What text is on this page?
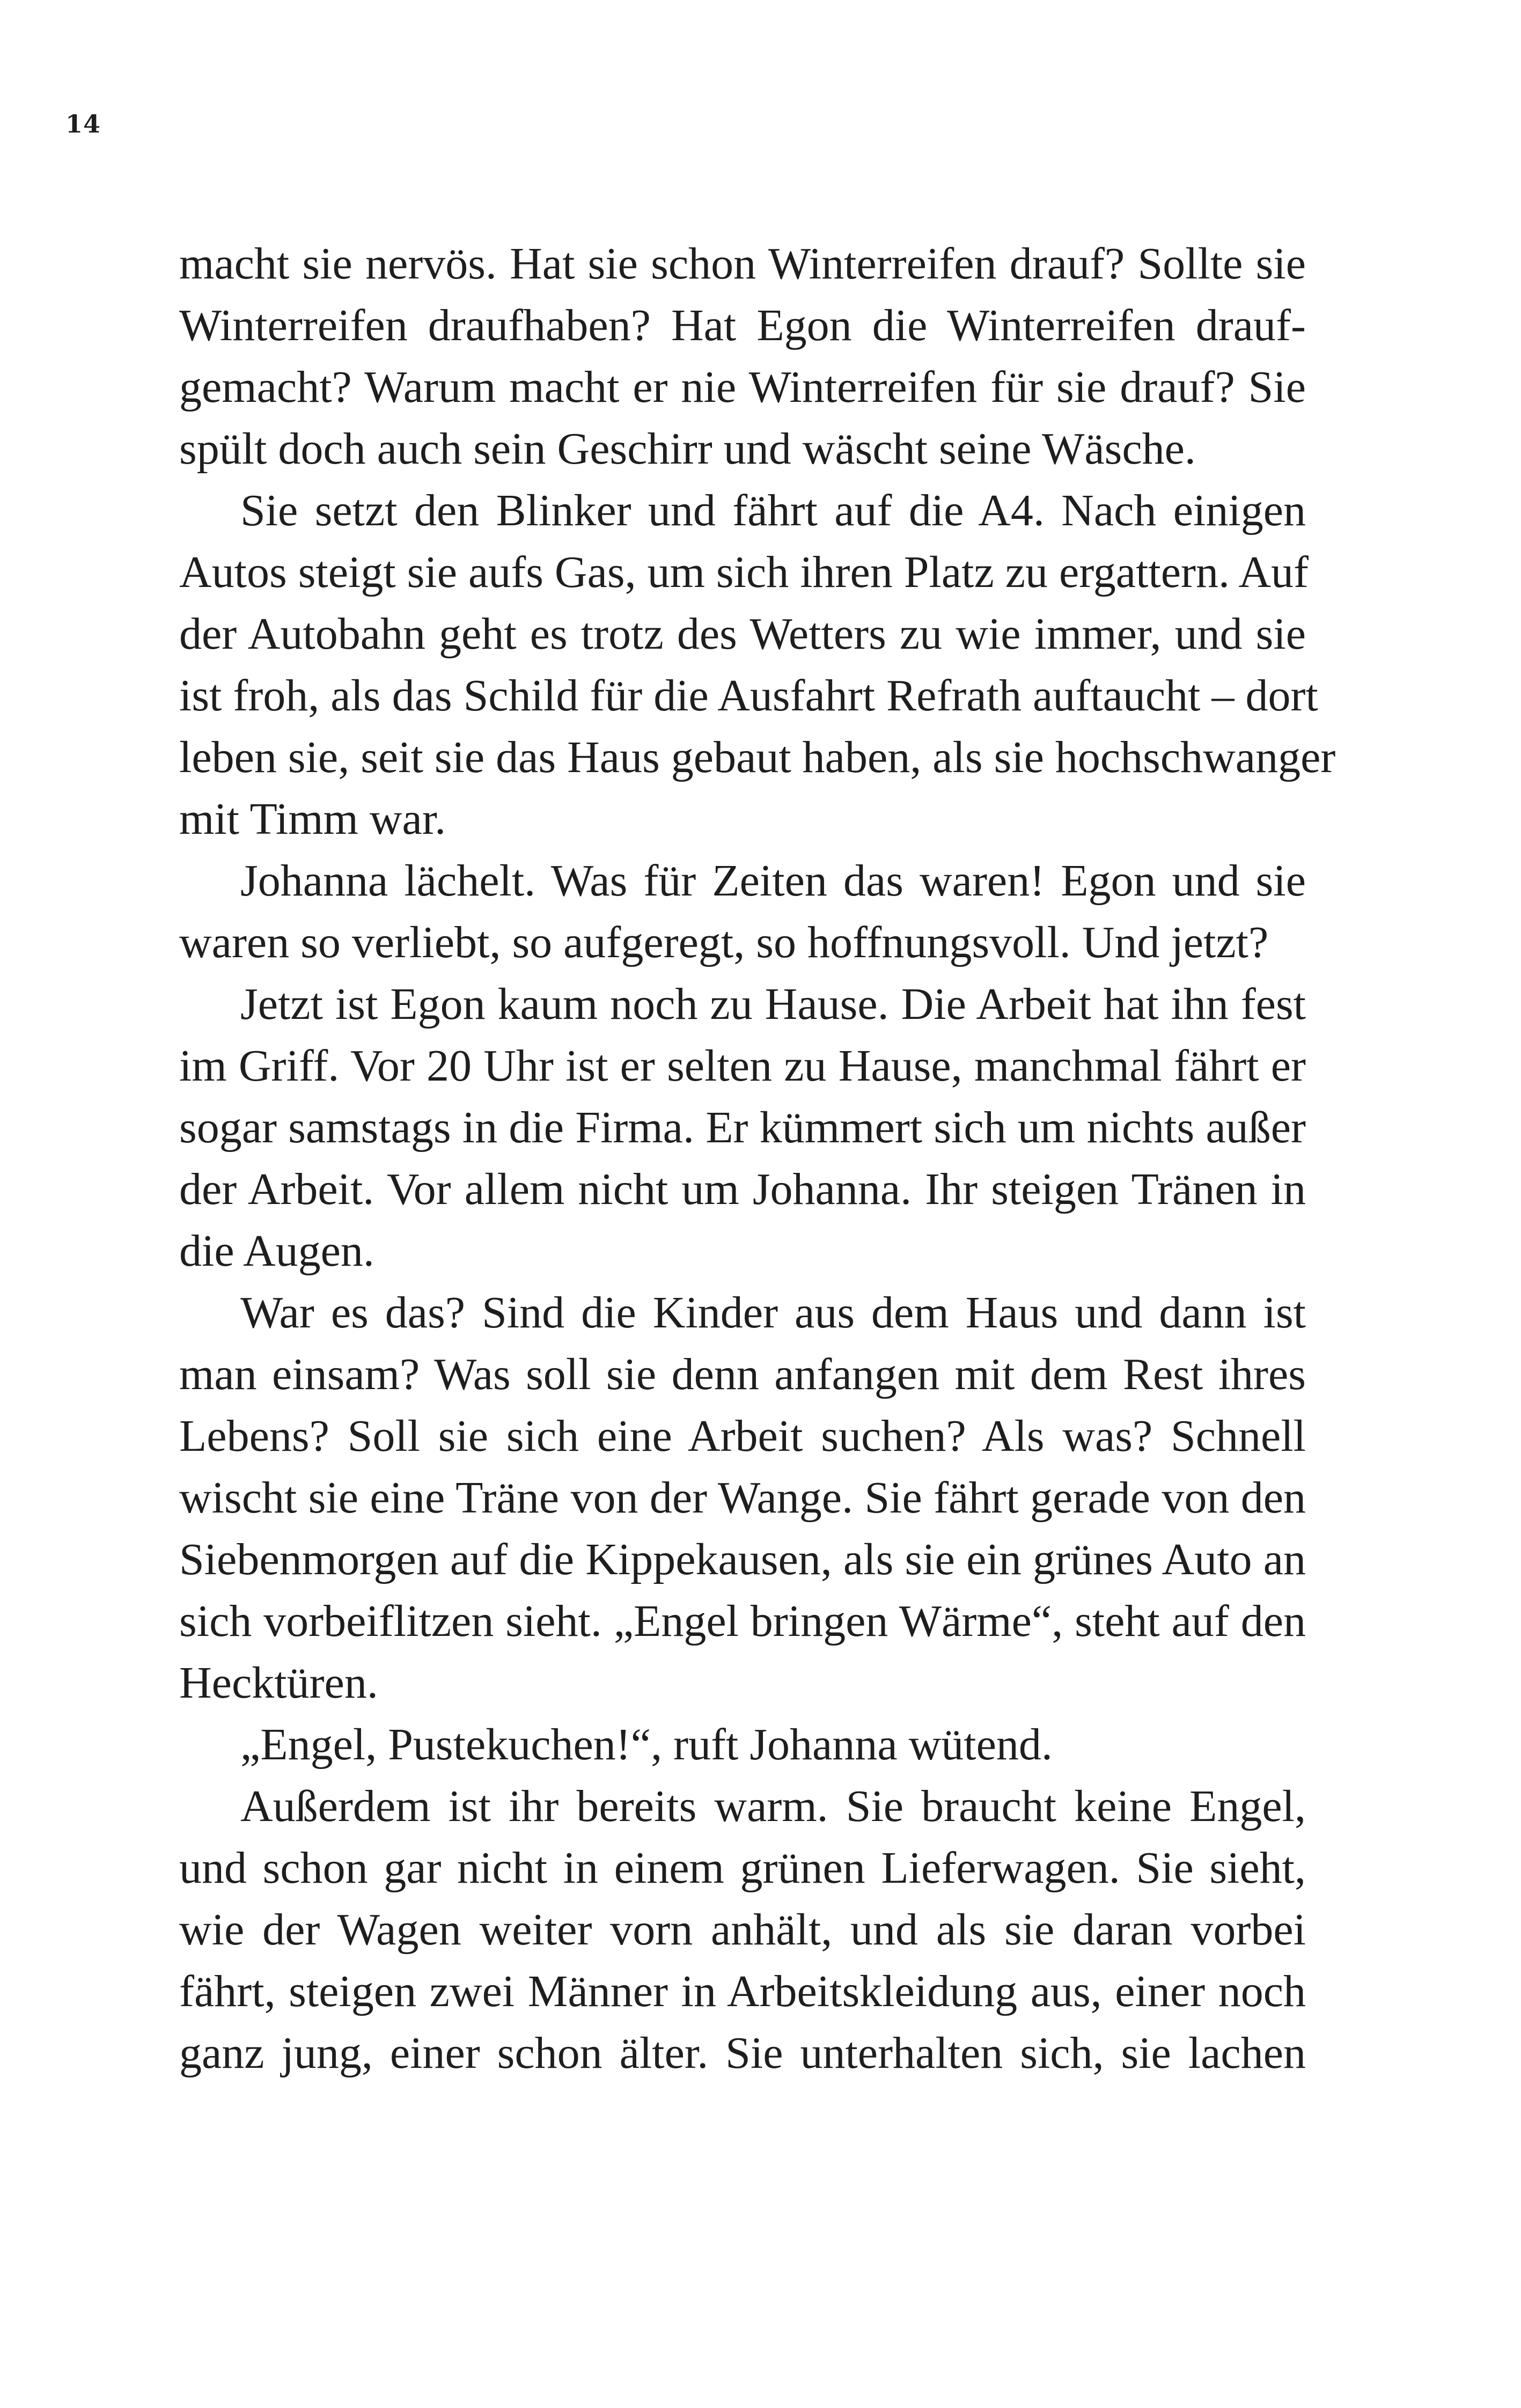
14
macht sie nervös. Hat sie schon Winterreifen drauf? Sollte sie
Winterreifen draufhaben? Hat Egon die Winterreifen drauf-
gemacht? Warum macht er nie Winterreifen für sie drauf? Sie
spült doch auch sein Geschirr und wäscht seine Wäsche.
Sie setzt den Blinker und fährt auf die A4. Nach einigen
Autos steigt sie aufs Gas, um sich ihren Platz zu ergattern. Auf
der Autobahn geht es trotz des Wetters zu wie immer, und sie
ist froh, als das Schild für die Ausfahrt Refrath auftaucht – dort
leben sie, seit sie das Haus gebaut haben, als sie hochschwanger
mit Timm war.
Johanna lächelt. Was für Zeiten das waren! Egon und sie
waren so verliebt, so aufgeregt, so hoffnungsvoll. Und jetzt?
Jetzt ist Egon kaum noch zu Hause. Die Arbeit hat ihn fest
im Griff. Vor 20 Uhr ist er selten zu Hause, manchmal fährt er
sogar samstags in die Firma. Er kümmert sich um nichts außer
der Arbeit. Vor allem nicht um Johanna. Ihr steigen Tränen in
die Augen.
War es das? Sind die Kinder aus dem Haus und dann ist
man einsam? Was soll sie denn anfangen mit dem Rest ihres
Lebens? Soll sie sich eine Arbeit suchen? Als was? Schnell
wischt sie eine Träne von der Wange. Sie fährt gerade von den
Siebenmorgen auf die Kippekausen, als sie ein grünes Auto an
sich vorbeiflitzen sieht. „Engel bringen Wärme“, steht auf den
Hecktüren.
„Engel, Pustekuchen!“, ruft Johanna wütend.
Außerdem ist ihr bereits warm. Sie braucht keine Engel,
und schon gar nicht in einem grünen Lieferwagen. Sie sieht,
wie der Wagen weiter vorn anhält, und als sie daran vorbei
fährt, steigen zwei Männer in Arbeitskleidung aus, einer noch
ganz jung, einer schon älter. Sie unterhalten sich, sie lachen
